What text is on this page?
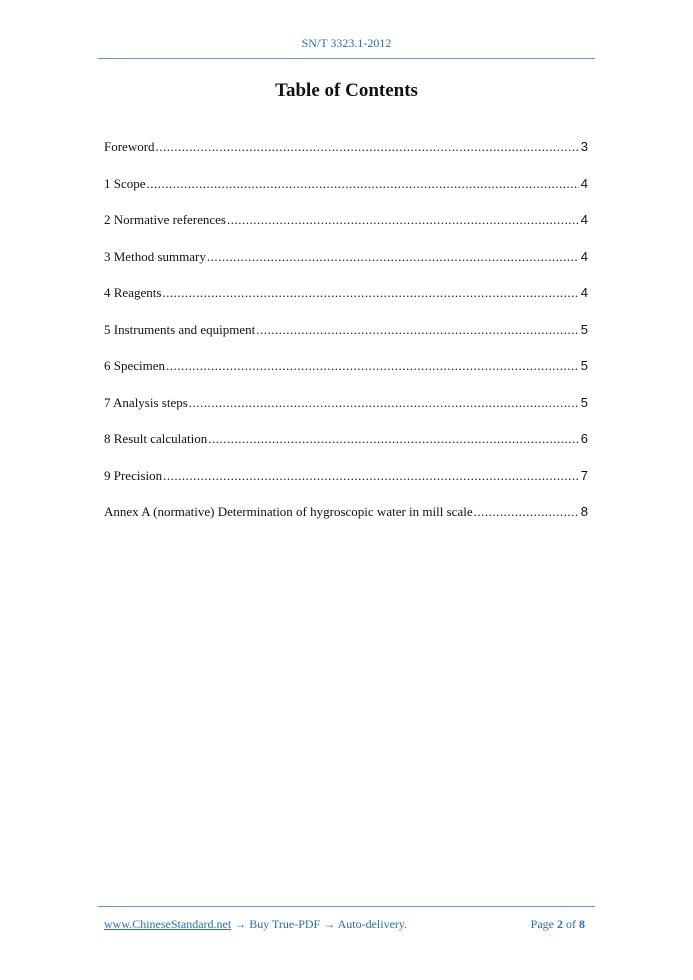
SN/T 3323.1-2012
Table of Contents
Foreword .....	3
1 Scope .....	4
2 Normative references .....	4
3 Method summary .....	4
4 Reagents .....	4
5 Instruments and equipment .....	5
6 Specimen .....	5
7 Analysis steps .....	5
8 Result calculation .....	6
9 Precision .....	7
Annex A (normative) Determination of hygroscopic water in mill scale .....	8
www.ChineseStandard.net → Buy True-PDF → Auto-delivery.	Page 2 of 8
